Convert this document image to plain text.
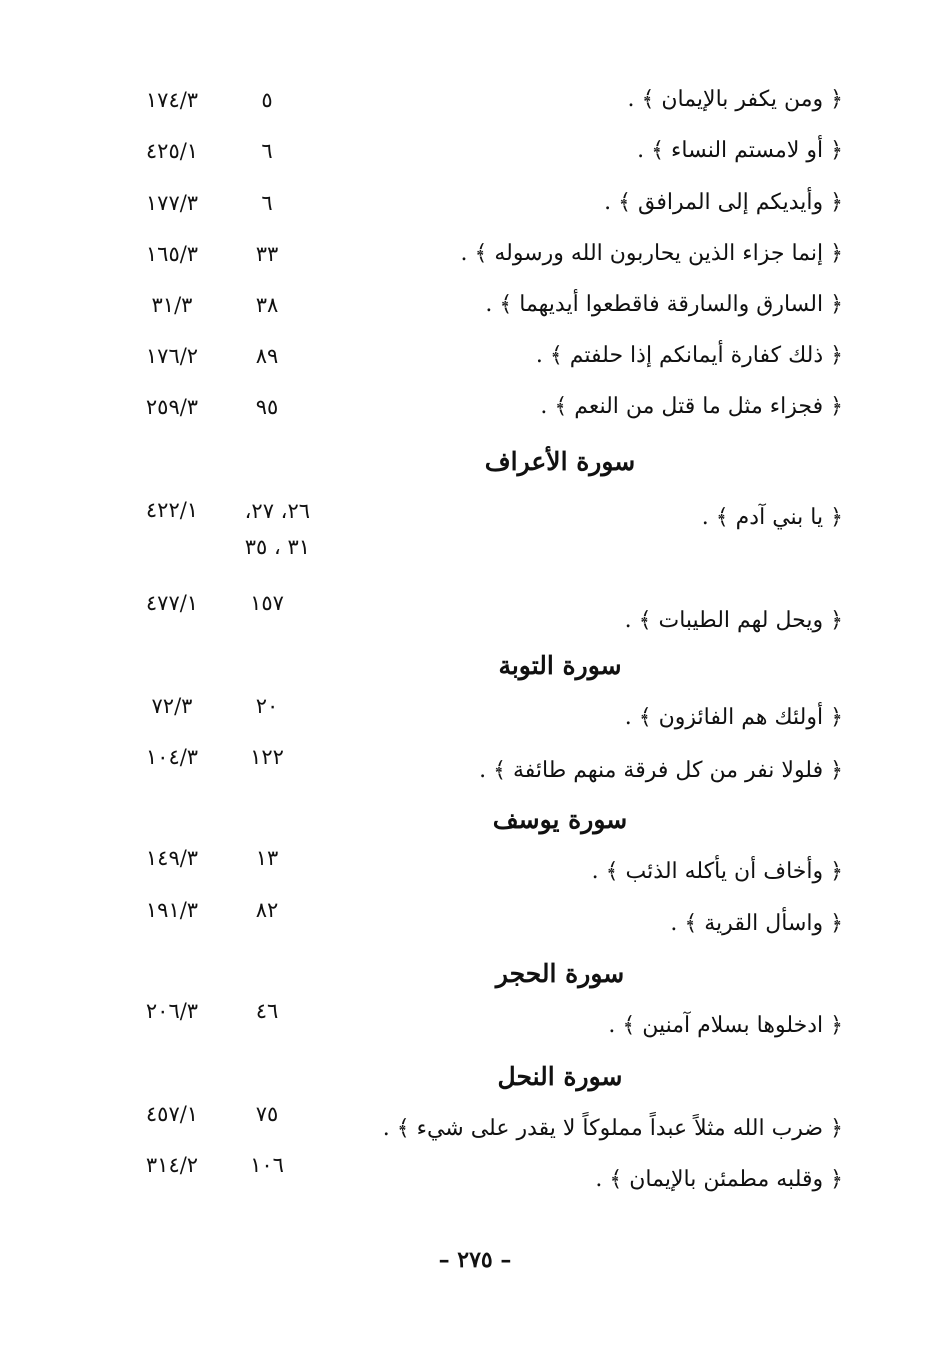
﴿ ومن يكفر بالإيمان ﴾ .
٥
١٧٤/٣
﴿ أو لامستم النساء ﴾ .
٦
٤٢٥/١
﴿ وأيديكم إلى المرافق ﴾ .
٦
١٧٧/٣
﴿ إنما جزاء الذين يحاربون الله ورسوله ﴾ .
٣٣
١٦٥/٣
﴿ السارق والسارقة فاقطعوا أيديهما ﴾ .
٣٨
٣١/٣
﴿ ذلك كفارة أيمانكم إذا حلفتم ﴾ .
٨٩
١٧٦/٢
﴿ فجزاء مثل ما قتل من النعم ﴾ .
٩٥
٢٥٩/٣
سورة الأعراف
﴿ يا بني آدم ﴾ .
٢٦، ٢٧،
٣١ ، ٣٥
٤٢٢/١
﴿ ويحل لهم الطيبات ﴾ .
١٥٧
٤٧٧/١
سورة التوبة
﴿ أولئك هم الفائزون ﴾ .
٢٠
٧٢/٣
﴿ فلولا نفر من كل فرقة منهم طائفة ﴾ .
١٢٢
١٠٤/٣
سورة يوسف
﴿ وأخاف أن يأكله الذئب ﴾ .
١٣
١٤٩/٣
﴿ واسأل القرية ﴾ .
٨٢
١٩١/٣
سورة الحجر
﴿ ادخلوها بسلام آمنين ﴾ .
٤٦
٢٠٦/٣
سورة النحل
﴿ ضرب الله مثلاً عبداً مملوكاً لا يقدر على شيء ﴾ .
٧٥
٤٥٧/١
﴿ وقلبه مطمئن بالإيمان ﴾ .
١٠٦
٣١٤/٢
– ٢٧٥ –
